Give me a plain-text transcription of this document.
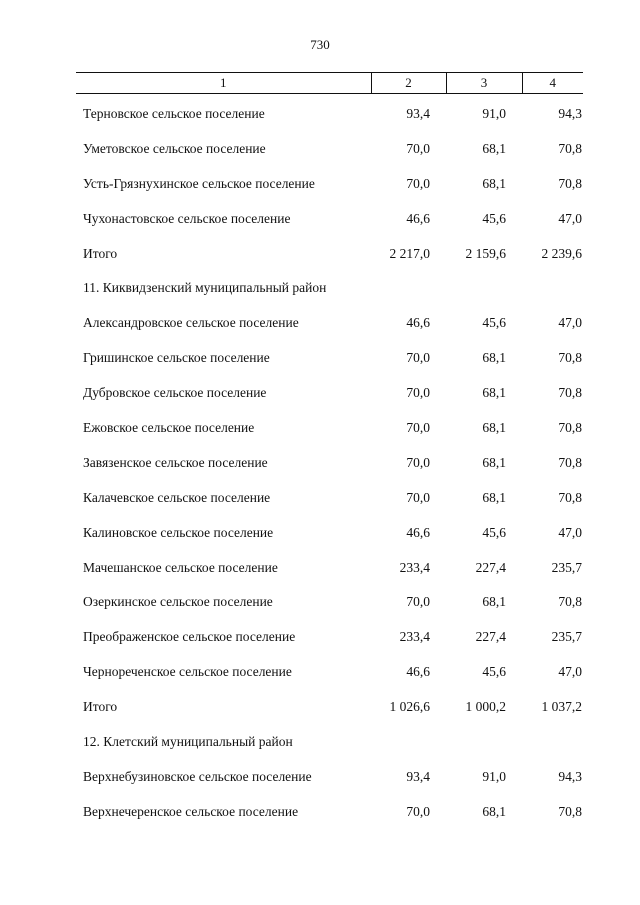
730

1	2	3	4
Терновское сельское поселение	93,4	91,0	94,3
Уметовское сельское поселение	70,0	68,1	70,8
Усть-Грязнухинское сельское поселение	70,0	68,1	70,8
Чухонастовское сельское поселение	46,6	45,6	47,0
Итого	2 217,0	2 159,6	2 239,6
11. Киквидзенский муниципальный район
Александровское сельское поселение	46,6	45,6	47,0
Гришинское сельское поселение	70,0	68,1	70,8
Дубровское сельское поселение	70,0	68,1	70,8
Ежовское сельское поселение	70,0	68,1	70,8
Завязенское сельское поселение	70,0	68,1	70,8
Калачевское сельское поселение	70,0	68,1	70,8
Калиновское сельское поселение	46,6	45,6	47,0
Мачешанское сельское поселение	233,4	227,4	235,7
Озеркинское сельское поселение	70,0	68,1	70,8
Преображенское сельское поселение	233,4	227,4	235,7
Чернореченское сельское поселение	46,6	45,6	47,0
Итого	1 026,6	1 000,2	1 037,2
12. Клетский муниципальный район
Верхнебузиновское сельское поселение	93,4	91,0	94,3
Верхнечеренское сельское поселение	70,0	68,1	70,8
